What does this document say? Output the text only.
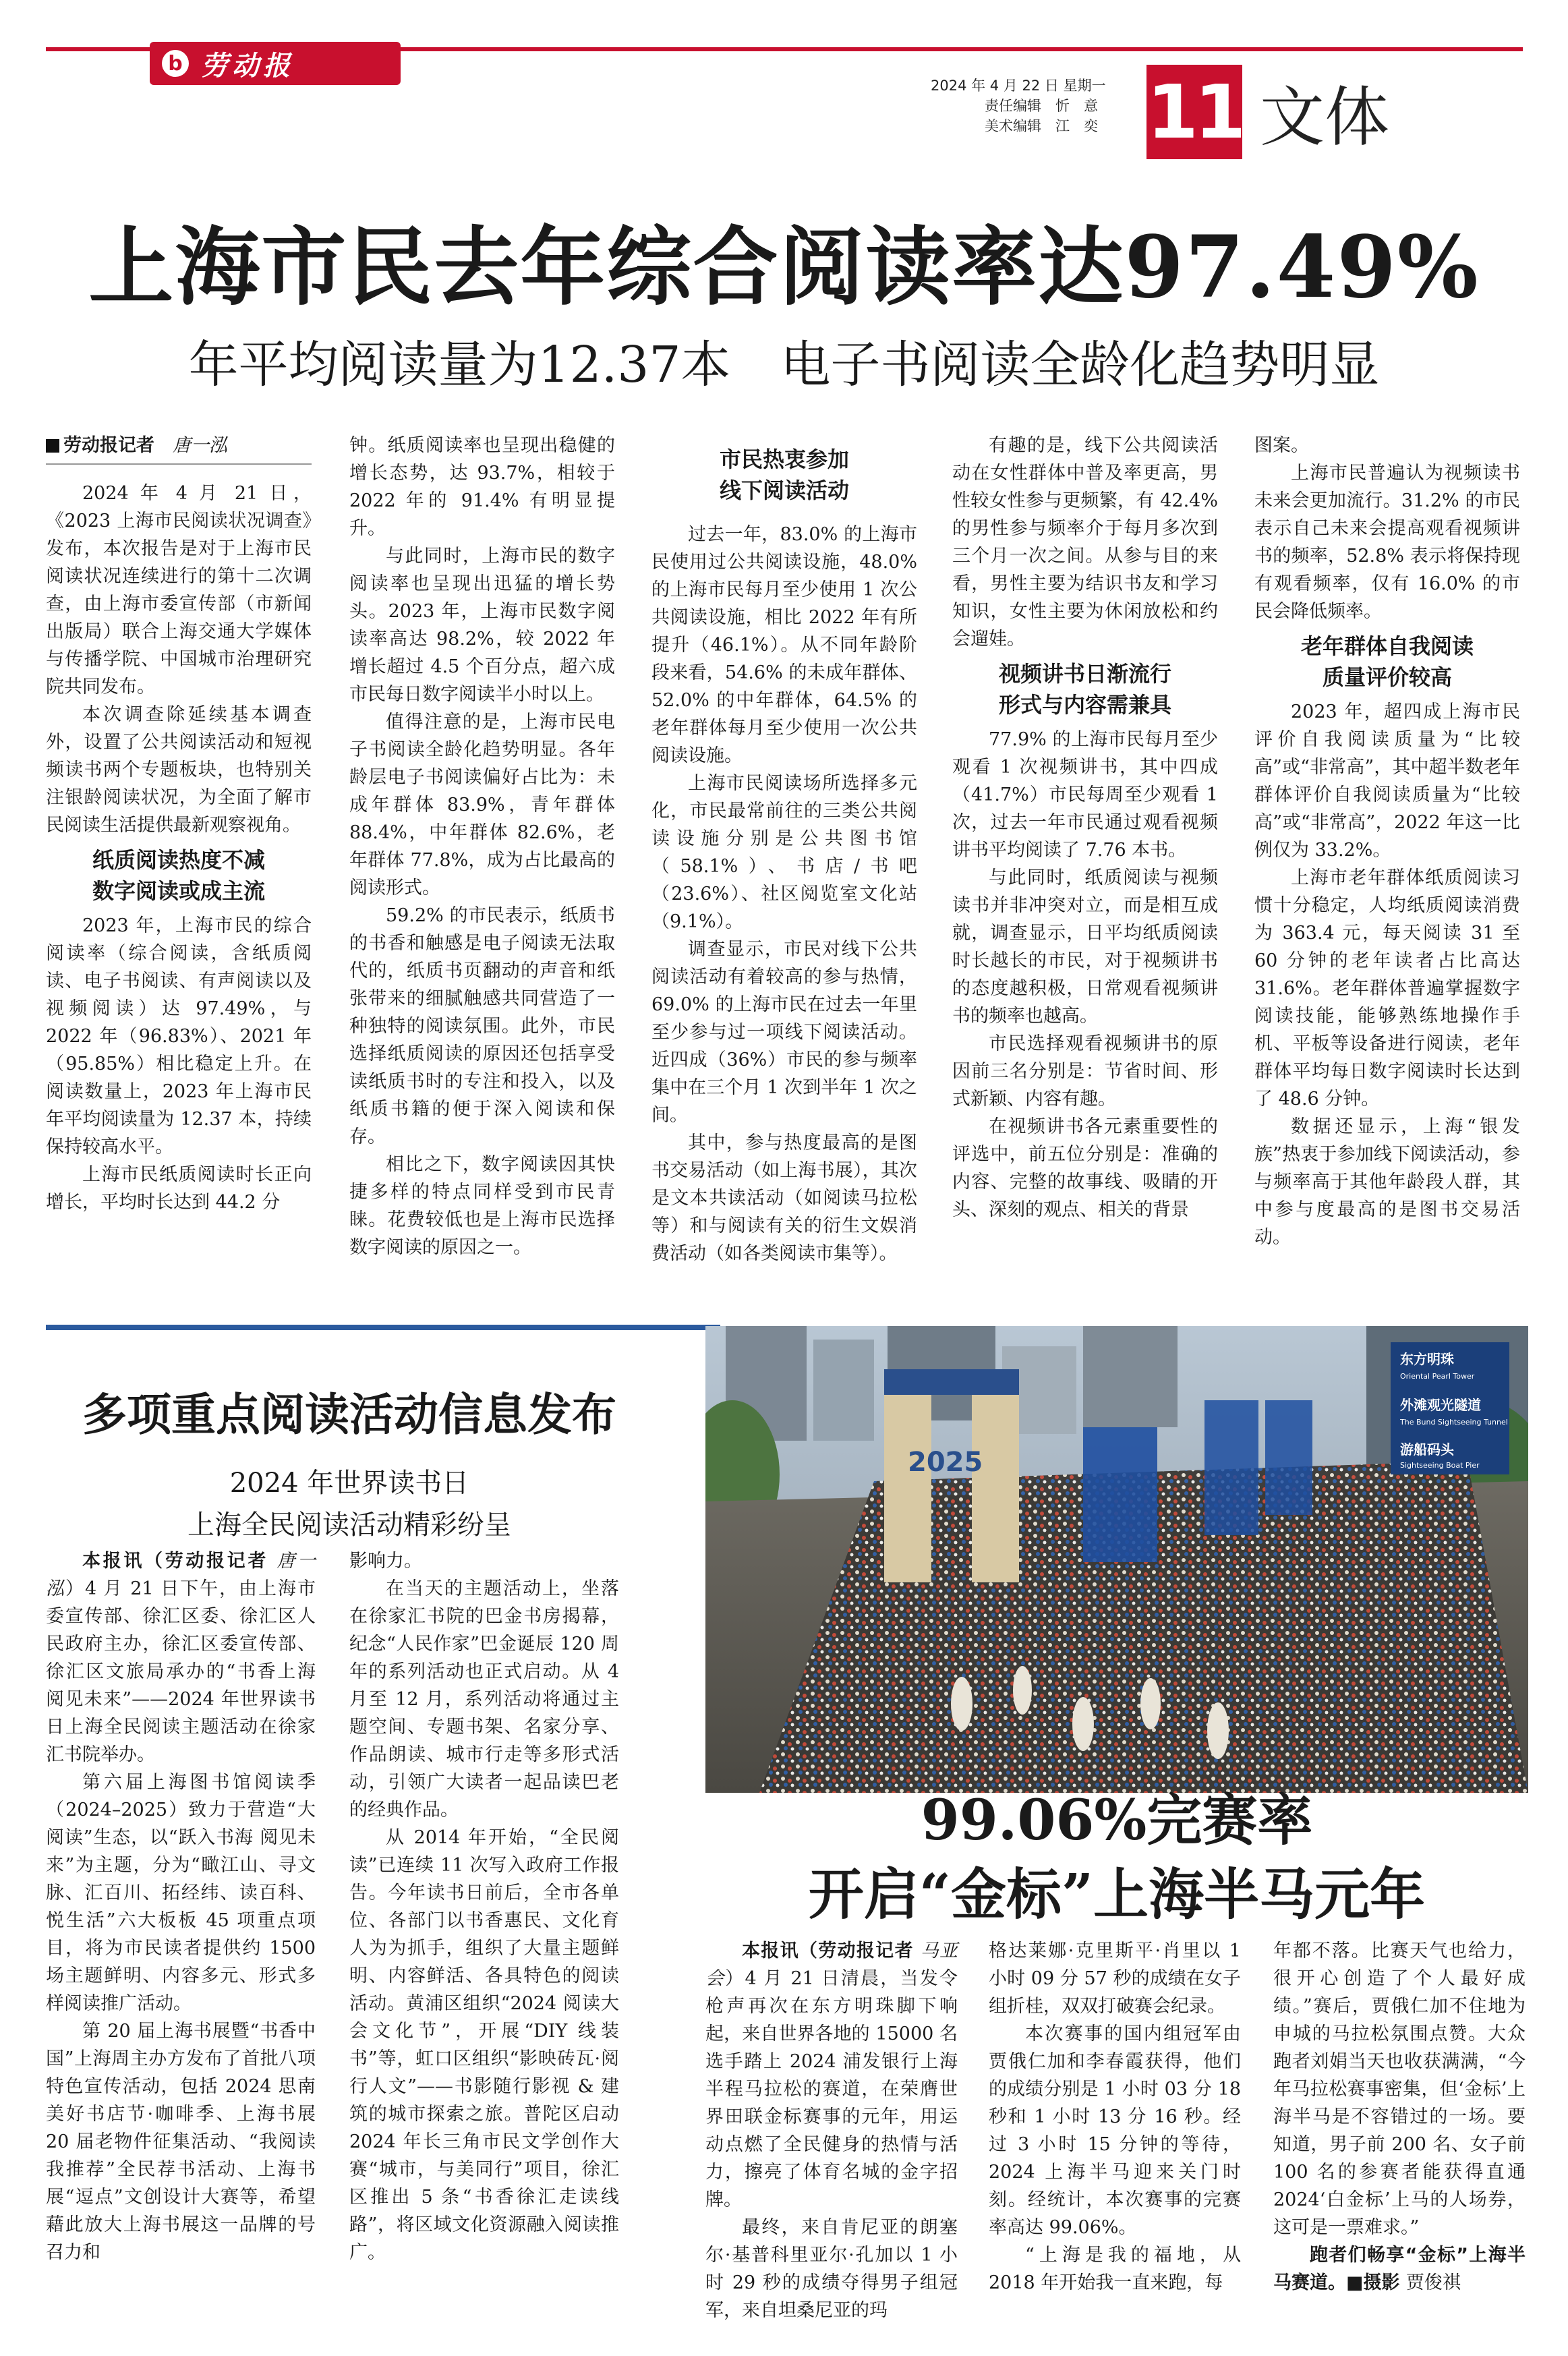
b 劳动报
2024 年 4 月 22 日 星期一
责任编辑　忻　意
美术编辑　江　奕 11 文体
上海市民去年综合阅读率达97.49%
年平均阅读量为12.37本　电子书阅读全龄化趋势明显
劳动报记者　 唐一泓

2024 年 4 月 21 日，《2023 上海市民阅读状况调查》发布，本次报告是对于上海市民阅读状况连续进行的第十二次调查，由上海市委宣传部（市新闻出版局）联合上海交通大学媒体与传播学院、中国城市治理研究院共同发布。

本次调查除延续基本调查外，设置了公共阅读活动和短视频读书两个专题板块，也特别关注银龄阅读状况，为全面了解市民阅读生活提供最新观察视角。

纸质阅读热度不减
数字阅读或成主流

2023 年，上海市民的综合阅读率（综合阅读，含纸质阅读、电子书阅读、有声阅读以及视频阅读）达 97.49%，与 2022 年（96.83%）、2021 年（95.85%）相比稳定上升。在阅读数量上，2023 年上海市民年平均阅读量为 12.37 本，持续保持较高水平。

上海市民纸质阅读时长正向增长，平均时长达到 44.2 分

钟。纸质阅读率也呈现出稳健的增长态势，达 93.7%，相较于 2022 年的 91.4% 有明显提升。

与此同时，上海市民的数字阅读率也呈现出迅猛的增长势头。2023 年，上海市民数字阅读率高达 98.2%，较 2022 年增长超过 4.5 个百分点，超六成市民每日数字阅读半小时以上。

值得注意的是，上海市民电子书阅读全龄化趋势明显。各年龄层电子书阅读偏好占比为：未成年群体 83.9%，青年群体 88.4%，中年群体 82.6%，老年群体 77.8%，成为占比最高的阅读形式。

59.2% 的市民表示，纸质书的书香和触感是电子阅读无法取代的，纸质书页翻动的声音和纸张带来的细腻触感共同营造了一种独特的阅读氛围。此外，市民选择纸质阅读的原因还包括享受读纸质书时的专注和投入，以及纸质书籍的便于深入阅读和保存。

相比之下，数字阅读因其快捷多样的特点同样受到市民青睐。花费较低也是上海市民选择数字阅读的原因之一。

市民热衷参加
线下阅读活动

过去一年，83.0% 的上海市民使用过公共阅读设施，48.0% 的上海市民每月至少使用 1 次公共阅读设施，相比 2022 年有所提升（46.1%）。从不同年龄阶段来看，54.6% 的未成年群体、52.0% 的中年群体，64.5% 的老年群体每月至少使用一次公共阅读设施。

上海市民阅读场所选择多元化，市民最常前往的三类公共阅读设施分别是公共图书馆（58.1%）、书店/书吧（23.6%）、社区阅览室文化站（9.1%）。

调查显示，市民对线下公共阅读活动有着较高的参与热情，69.0% 的上海市民在过去一年里至少参与过一项线下阅读活动。近四成（36%）市民的参与频率集中在三个月 1 次到半年 1 次之间。

其中，参与热度最高的是图书交易活动（如上海书展），其次是文本共读活动（如阅读马拉松等）和与阅读有关的衍生文娱消费活动（如各类阅读市集等）。

有趣的是，线下公共阅读活动在女性群体中普及率更高，男性较女性参与更频繁，有 42.4% 的男性参与频率介于每月多次到三个月一次之间。从参与目的来看，男性主要为结识书友和学习知识，女性主要为休闲放松和约会遛娃。

视频讲书日渐流行
形式与内容需兼具

77.9% 的上海市民每月至少观看 1 次视频讲书，其中四成（41.7%）市民每周至少观看 1 次，过去一年市民通过观看视频讲书平均阅读了 7.76 本书。

与此同时，纸质阅读与视频读书并非冲突对立，而是相互成就，调查显示，日平均纸质阅读时长越长的市民，对于视频讲书的态度越积极，日常观看视频讲书的频率也越高。

市民选择观看视频讲书的原因前三名分别是：节省时间、形式新颖、内容有趣。

在视频讲书各元素重要性的评选中，前五位分别是：准确的内容、完整的故事线、吸睛的开头、深刻的观点、相关的背景

图案。

上海市民普遍认为视频读书未来会更加流行。31.2% 的市民表示自己未来会提高观看视频讲书的频率，52.8% 表示将保持现有观看频率，仅有 16.0% 的市民会降低频率。

老年群体自我阅读
质量评价较高

2023 年，超四成上海市民评价自我阅读质量为“比较高”或“非常高”，其中超半数老年群体评价自我阅读质量为“比较高”或“非常高”，2022 年这一比例仅为 33.2%。

上海市老年群体纸质阅读习惯十分稳定，人均纸质阅读消费为 363.4 元，每天阅读 31 至 60 分钟的老年读者占比高达 31.6%。老年群体普遍掌握数字阅读技能，能够熟练地操作手机、平板等设备进行阅读，老年群体平均每日数字阅读时长达到了 48.6 分钟。

数据还显示，上海“银发族”热衷于参加线下阅读活动，参与频率高于其他年龄段人群，其中参与度最高的是图书交易活动。

多项重点阅读活动信息发布
2024 年世界读书日
上海全民阅读活动精彩纷呈

本报讯（劳动报记者 唐一泓）4 月 21 日下午，由上海市委宣传部、徐汇区委、徐汇区人民政府主办，徐汇区委宣传部、徐汇区文旅局承办的“书香上海 阅见未来”——2024 年世界读书日上海全民阅读主题活动在徐家汇书院举办。

第六届上海图书馆阅读季（2024–2025）致力于营造“大阅读”生态，以“跃入书海 阅见未来”为主题，分为“瞰江山、寻文脉、汇百川、拓经纬、读百科、悦生活”六大板板 45 项重点项目，将为市民读者提供约 1500 场主题鲜明、内容多元、形式多样阅读推广活动。

第 20 届上海书展暨“书香中国”上海周主办方发布了首批八项特色宣传活动，包括 2024 思南美好书店节·咖啡季、上海书展 20 届老物件征集活动、“我阅读我推荐”全民荐书活动、上海书展“逗点”文创设计大赛等，希望藉此放大上海书展这一品牌的号召力和

影响力。

在当天的主题活动上，坐落在徐家汇书院的巴金书房揭幕，纪念“人民作家”巴金诞辰 120 周年的系列活动也正式启动。从 4 月至 12 月，系列活动将通过主题空间、专题书架、名家分享、作品朗读、城市行走等多形式活动，引领广大读者一起品读巴老的经典作品。

从 2014 年开始，“全民阅读”已连续 11 次写入政府工作报告。今年读书日前后，全市各单位、各部门以书香惠民、文化育人为为抓手，组织了大量主题鲜明、内容鲜活、各具特色的阅读活动。黄浦区组织“2024 阅读大会文化节”，开展“DIY 线装书”等，虹口区组织“影映砖瓦·阅行人文”——书影随行影视 & 建筑的城市探索之旅。普陀区启动 2024 年长三角市民文学创作大赛“城市，与美同行”项目，徐汇区推出 5 条“书香徐汇走读线路”，将区域文化资源融入阅读推广。

2025
东方明珠
Oriental Pearl Tower
外滩观光隧道
The Bund Sightseeing Tunnel
游船码头
Sightseeing Boat Pier
99.06%完赛率
开启“金标”上海半马元年

本报讯（劳动报记者 马亚会）4 月 21 日清晨，当发令枪声再次在东方明珠脚下响起，来自世界各地的 15000 名选手踏上 2024 浦发银行上海半程马拉松的赛道，在荣膺世界田联金标赛事的元年，用运动点燃了全民健身的热情与活力，擦亮了体育名城的金字招牌。

最终，来自肯尼亚的朗塞尔·基普科里亚尔·孔加以 1 小时 29 秒的成绩夺得男子组冠军，来自坦桑尼亚的玛

格达莱娜·克里斯平·肖里以 1 小时 09 分 57 秒的成绩在女子组折桂，双双打破赛会纪录。

本次赛事的国内组冠军由贾俄仁加和李春霞获得，他们的成绩分别是 1 小时 03 分 18 秒和 1 小时 13 分 16 秒。经过 3 小时 15 分钟的等待，2024 上海半马迎来关门时刻。经统计，本次赛事的完赛率高达 99.06%。

“上海是我的福地，从 2018 年开始我一直来跑，每

年都不落。比赛天气也给力，很开心创造了个人最好成绩。”赛后，贾俄仁加不住地为申城的马拉松氛围点赞。大众跑者刘娟当天也收获满满，“今年马拉松赛事密集，但‘金标’上海半马是不容错过的一场。要知道，男子前 200 名、女子前 100 名的参赛者能获得直通 2024‘白金标’上马的人场券，这可是一票难求。”

跑者们畅享“金标”上海半马赛道。■摄影 贾俊祺
